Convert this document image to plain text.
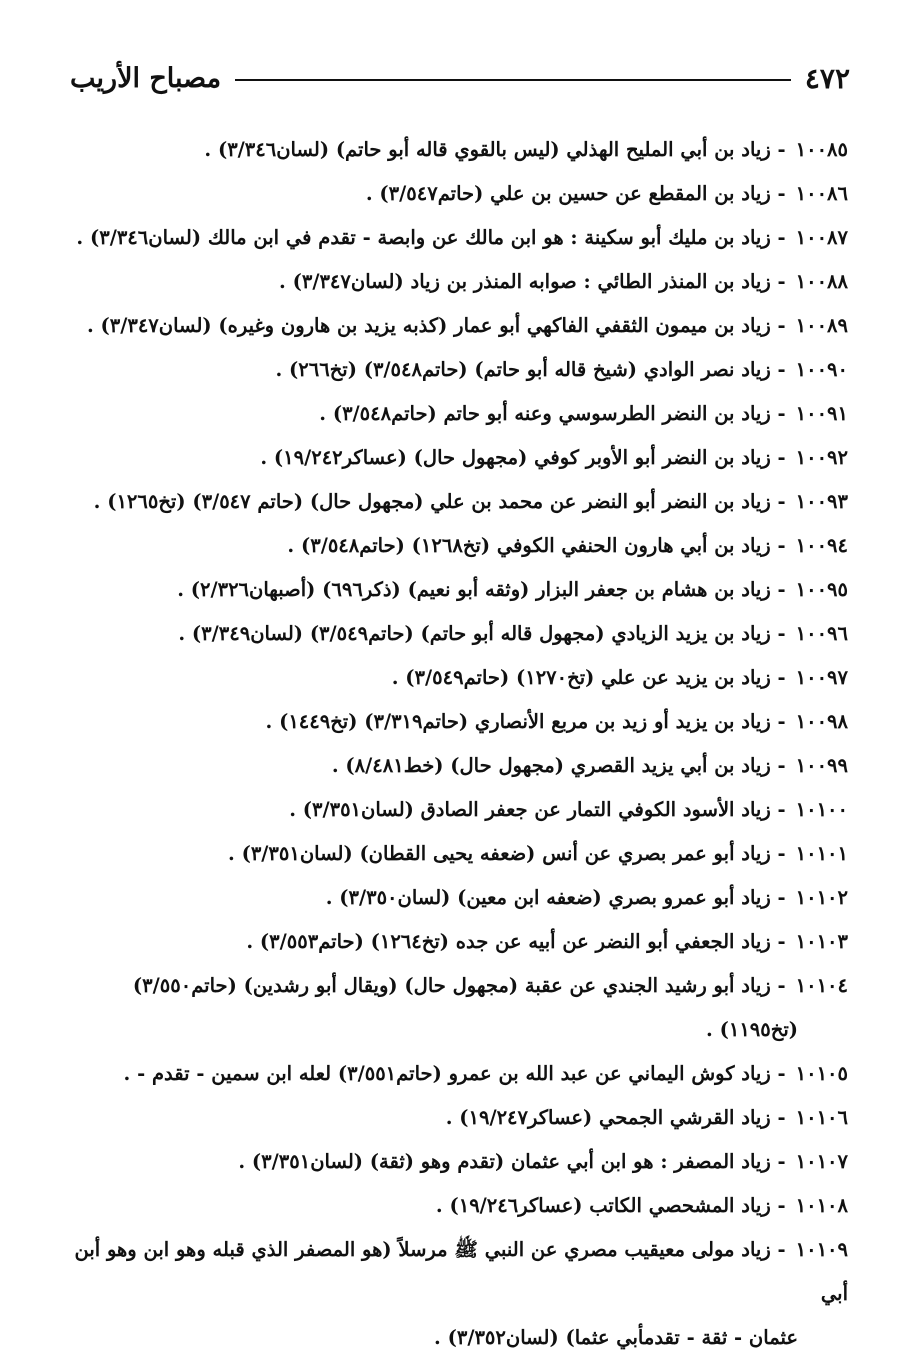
٤٧٢
مصباح الأريب
١٠٠٨٥- زياد بن أبي المليح الهذلي (ليس بالقوي قاله أبو حاتم) (لسان٣/٣٤٦) .
١٠٠٨٦- زياد بن المقطع عن حسين بن علي (حاتم٣/٥٤٧) .
١٠٠٨٧- زياد بن مليك أبو سكينة : هو ابن مالك عن وابصة - تقدم في ابن مالك (لسان٣/٣٤٦) .
١٠٠٨٨- زياد بن المنذر الطائي : صوابه المنذر بن زياد (لسان٣/٣٤٧) .
١٠٠٨٩- زياد بن ميمون الثقفي الفاكهي أبو عمار (كذبه يزيد بن هارون وغيره) (لسان٣/٣٤٧) .
١٠٠٩٠- زياد نصر الوادي (شيخ قاله أبو حاتم) (حاتم٣/٥٤٨) (تخ٢٦٦) .
١٠٠٩١- زياد بن النضر الطرسوسي وعنه أبو حاتم (حاتم٣/٥٤٨) .
١٠٠٩٢- زياد بن النضر أبو الأوبر كوفي (مجهول حال) (عساكر١٩/٢٤٢) .
١٠٠٩٣- زياد بن النضر أبو النضر عن محمد بن علي (مجهول حال) (حاتم ٣/٥٤٧) (تخ١٢٦٥) .
١٠٠٩٤- زياد بن أبي هارون الحنفي الكوفي (تخ١٢٦٨) (حاتم٣/٥٤٨) .
١٠٠٩٥- زياد بن هشام بن جعفر البزار (وثقه أبو نعيم) (ذكر٦٩٦) (أصبهان٢/٣٢٦) .
١٠٠٩٦- زياد بن يزيد الزيادي (مجهول قاله أبو حاتم) (حاتم٣/٥٤٩) (لسان٣/٣٤٩) .
١٠٠٩٧- زياد بن يزيد عن علي (تخ١٢٧٠) (حاتم٣/٥٤٩) .
١٠٠٩٨- زياد بن يزيد أو زيد بن مربع الأنصاري (حاتم٣/٣١٩) (تخ١٤٤٩) .
١٠٠٩٩- زياد بن أبي يزيد القصري (مجهول حال) (خط٨/٤٨١) .
١٠١٠٠- زياد الأسود الكوفي التمار عن جعفر الصادق (لسان٣/٣٥١) .
١٠١٠١- زياد أبو عمر بصري عن أنس (ضعفه يحيى القطان) (لسان٣/٣٥١) .
١٠١٠٢- زياد أبو عمرو بصري (ضعفه ابن معين) (لسان٣/٣٥٠) .
١٠١٠٣- زياد الجعفي أبو النضر عن أبيه عن جده (تخ١٢٦٤) (حاتم٣/٥٥٣) .
١٠١٠٤- زياد أبو رشيد الجندي عن عقبة (مجهول حال) (ويقال أبو رشدين) (حاتم٣/٥٥٠)
(تخ١١٩٥) .
١٠١٠٥- زياد كوش اليماني عن عبد الله بن عمرو (حاتم٣/٥٥١) لعله ابن سمين - تقدم - .
١٠١٠٦- زياد القرشي الجمحي (عساكر١٩/٢٤٧) .
١٠١٠٧- زياد المصفر : هو ابن أبي عثمان (تقدم وهو (ثقة) (لسان٣/٣٥١) .
١٠١٠٨- زياد المشحصي الكاتب (عساكر١٩/٢٤٦) .
١٠١٠٩- زياد مولى معيقيب مصري عن النبي ﷺ مرسلاً (هو المصفر الذي قبله وهو ابن وهو أبن أبي
عثمان - ثقة - تقدمأبي عثما) (لسان٣/٣٥٢) .
